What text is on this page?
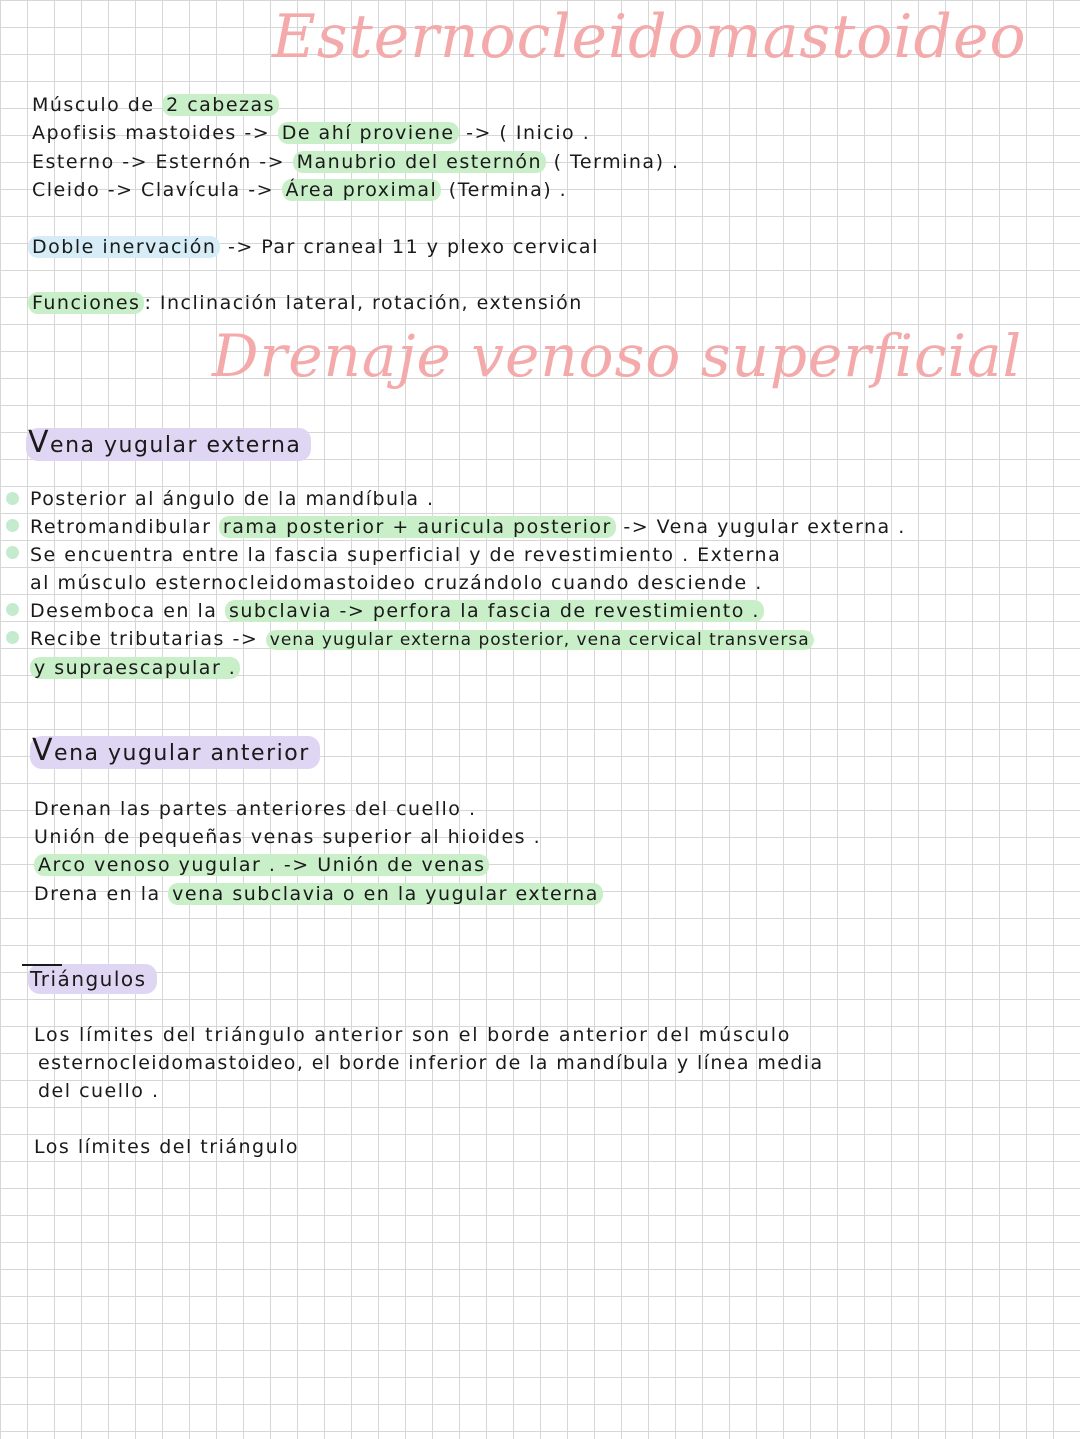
Esternocleidomastoideo
Músculo de 2 cabezas
Apofisis mastoides -> De ahí proviene -> ( Inicio .
Esterno -> Esternón -> Manubrio del esternón ( Termina) .
Cleido -> Clavícula -> Área proximal (Termina) .
Doble inervación -> Par craneal 11 y plexo cervical
Funciones : Inclinación lateral, rotación, extensión
Drenaje venoso superficial
Vena yugular externa
Posterior al ángulo de la mandíbula .
Retromandibular rama posterior + auricula posterior -> Vena yugular externa .
Se encuentra entre la fascia superficial y de revestimiento . Externa
al músculo esternocleidomastoideo cruzándolo cuando desciende .
Desemboca en la subclavia -> perfora la fascia de revestimiento .
Recibe tributarias -> vena yugular externa posterior, vena cervical transversa
y supraescapular .
Vena yugular anterior
Drenan las partes anteriores del cuello .
Unión de pequeñas venas superior al hioides .
Arco venoso yugular . -> Unión de venas
Drena en la vena subclavia o en la yugular externa
Triángulos
Los límites del triángulo anterior son el borde anterior del músculo
esternocleidomastoideo, el borde inferior de la mandíbula y línea media
del cuello .
Los límites del triángulo
